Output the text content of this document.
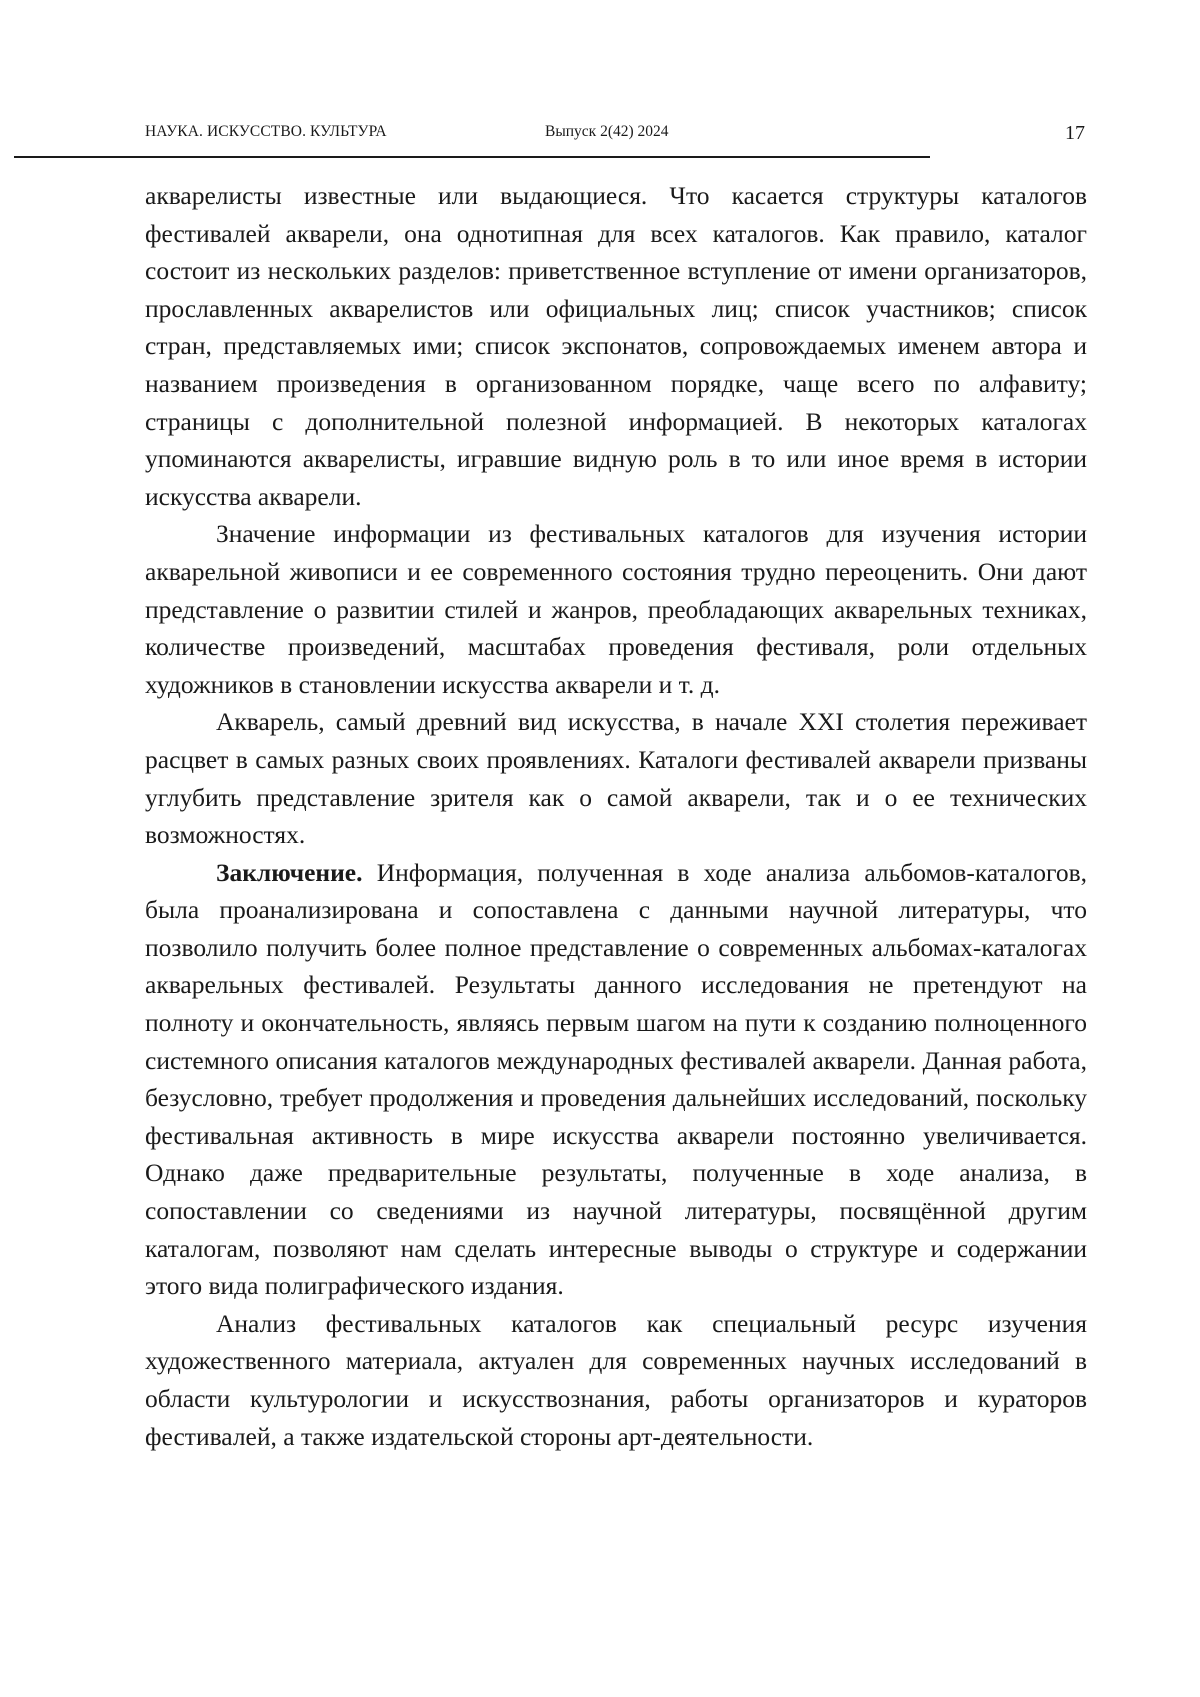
НАУКА. ИСКУССТВО. КУЛЬТУРА	Выпуск 2(42) 2024	17

акварелисты известные или выдающиеся. Что касается структуры каталогов фестивалей акварели, она однотипная для всех каталогов. Как правило, каталог состоит из нескольких разделов: приветственное вступление от имени организаторов, прославленных акварелистов или официальных лиц; список участников; список стран, представляемых ими; список экспонатов, сопровождаемых именем автора и названием произведения в организованном порядке, чаще всего по алфавиту; страницы с дополнительной полезной информацией. В некоторых каталогах упоминаются акварелисты, игравшие видную роль в то или иное время в истории искусства акварели.

Значение информации из фестивальных каталогов для изучения истории акварельной живописи и ее современного состояния трудно переоценить. Они дают представление о развитии стилей и жанров, преобладающих акварельных техниках, количестве произведений, масштабах проведения фестиваля, роли отдельных художников в становлении искусства акварели и т. д.

Акварель, самый древний вид искусства, в начале XXI столетия переживает расцвет в самых разных своих проявлениях. Каталоги фестивалей акварели призваны углубить представление зрителя как о самой акварели, так и о ее технических возможностях.

Заключение. Информация, полученная в ходе анализа альбомов-каталогов, была проанализирована и сопоставлена с данными научной литературы, что позволило получить более полное представление о современных альбомах-каталогах акварельных фестивалей. Результаты данного исследования не претендуют на полноту и окончательность, являясь первым шагом на пути к созданию полноценного системного описания каталогов международных фестивалей акварели. Данная работа, безусловно, требует продолжения и проведения дальнейших исследований, поскольку фестивальная активность в мире искусства акварели постоянно увеличивается. Однако даже предварительные результаты, полученные в ходе анализа, в сопоставлении со сведениями из научной литературы, посвящённой другим каталогам, позволяют нам сделать интересные выводы о структуре и содержании этого вида полиграфического издания.

Анализ фестивальных каталогов как специальный ресурс изучения художественного материала, актуален для современных научных исследований в области культурологии и искусствознания, работы организаторов и кураторов фестивалей, а также издательской стороны арт-деятельности.
